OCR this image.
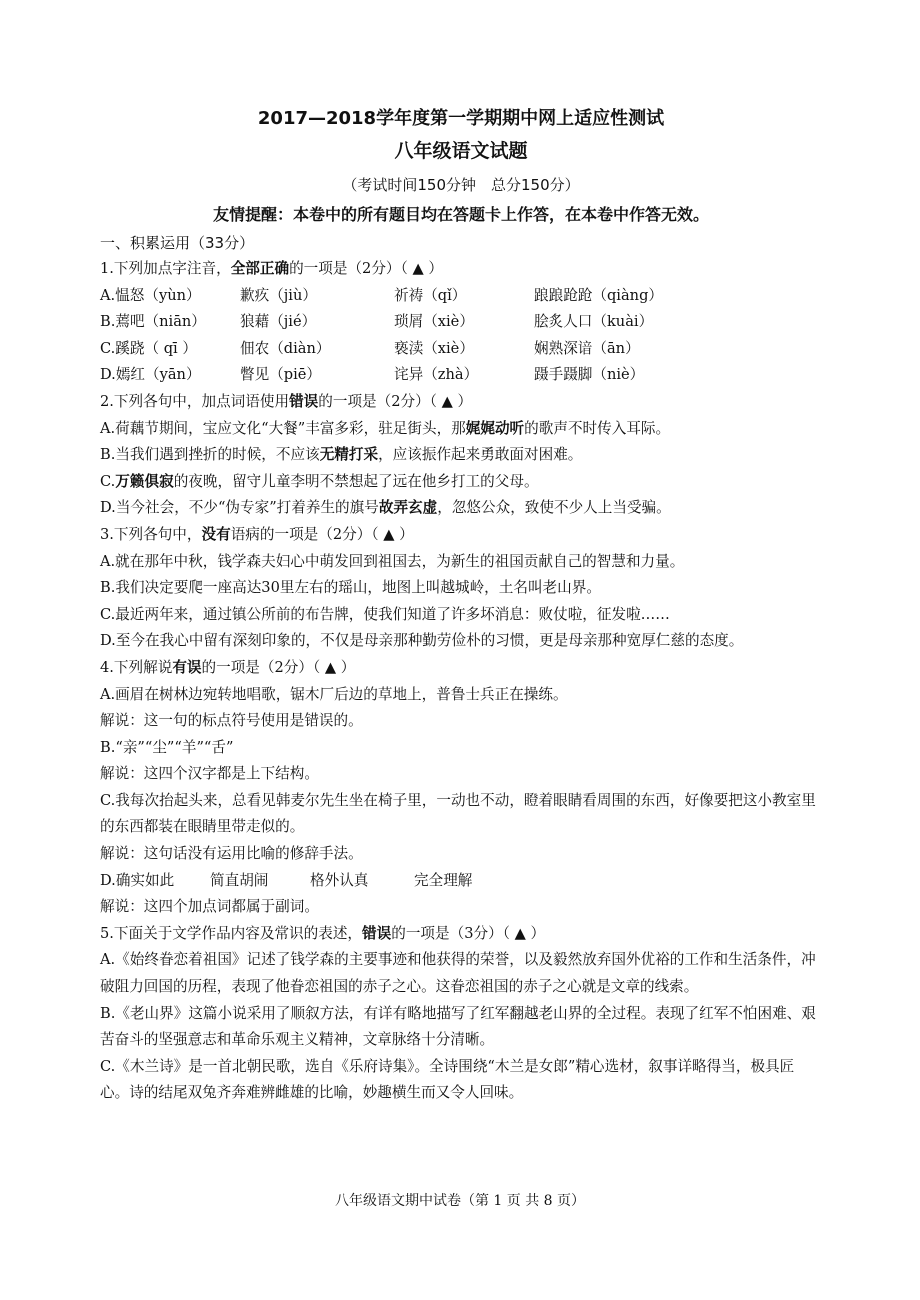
2017—2018学年度第一学期期中网上适应性测试
八年级语文试题
（考试时间150分钟　总分150分）
友情提醒：本卷中的所有题目均在答题卡上作答，在本卷中作答无效。
一、积累运用（33分）
1.下列加点字注音，全部正确的一项是（2分）（ ▲ ）
A.愠怒（yùn）	歉疚（jiù）	祈祷（qǐ）	踉踉跄跄（qiàng）
B.蔫吧（niān）	狼藉（jié）	琐屑（xiè）	脍炙人口（kuài）
C.蹊跷（ qī ）	佃农（diàn）	亵渎（xiè）	娴熟深谙（ān）
D.嫣红（yān）	瞥见（piē）	诧异（zhà）	蹑手蹑脚（niè）
2.下列各句中，加点词语使用错误的一项是（2分）（ ▲ ）
A.荷藕节期间，宝应文化“大餐”丰富多彩，驻足街头，那娓娓动听的歌声不时传入耳际。
B.当我们遇到挫折的时候，不应该无精打采，应该振作起来勇敢面对困难。
C.万籁俱寂的夜晚，留守儿童李明不禁想起了远在他乡打工的父母。
D.当今社会，不少“伪专家”打着养生的旗号故弄玄虚，忽悠公众，致使不少人上当受骗。
3.下列各句中，没有语病的一项是（2分）（ ▲ ）
A.就在那年中秋，钱学森夫妇心中萌发回到祖国去，为新生的祖国贡献自己的智慧和力量。
B.我们决定要爬一座高达30里左右的瑶山，地图上叫越城岭，土名叫老山界。
C.最近两年来，通过镇公所前的布告牌，使我们知道了许多坏消息：败仗啦，征发啦……
D.至今在我心中留有深刻印象的，不仅是母亲那种勤劳俭朴的习惯，更是母亲那种宽厚仁慈的态度。
4.下列解说有误的一项是（2分）（ ▲ ）
A.画眉在树林边宛转地唱歌，锯木厂后边的草地上，普鲁士兵正在操练。
解说：这一句的标点符号使用是错误的。
B.“亲”“尘”“羊”“舌”
解说：这四个汉字都是上下结构。
C.我每次抬起头来，总看见韩麦尔先生坐在椅子里，一动也不动，瞪着眼睛看周围的东西，好像要把这小教室里的东西都装在眼睛里带走似的。
解说：这句话没有运用比喻的修辞手法。
D.确实如此	简直胡闹	格外认真	完全理解
解说：这四个加点词都属于副词。
5.下面关于文学作品内容及常识的表述，错误的一项是（3分）（ ▲ ）
A.《始终眷恋着祖国》记述了钱学森的主要事迹和他获得的荣誉，以及毅然放弃国外优裕的工作和生活条件，冲破阻力回国的历程，表现了他眷恋祖国的赤子之心。这眷恋祖国的赤子之心就是文章的线索。
B.《老山界》这篇小说采用了顺叙方法，有详有略地描写了红军翻越老山界的全过程。表现了红军不怕困难、艰苦奋斗的坚强意志和革命乐观主义精神，文章脉络十分清晰。
C.《木兰诗》是一首北朝民歌，选自《乐府诗集》。全诗围绕“木兰是女郎”精心选材，叙事详略得当，极具匠心。诗的结尾双兔齐奔难辨雌雄的比喻，妙趣横生而又令人回味。
八年级语文期中试卷（第 1 页 共 8 页）
